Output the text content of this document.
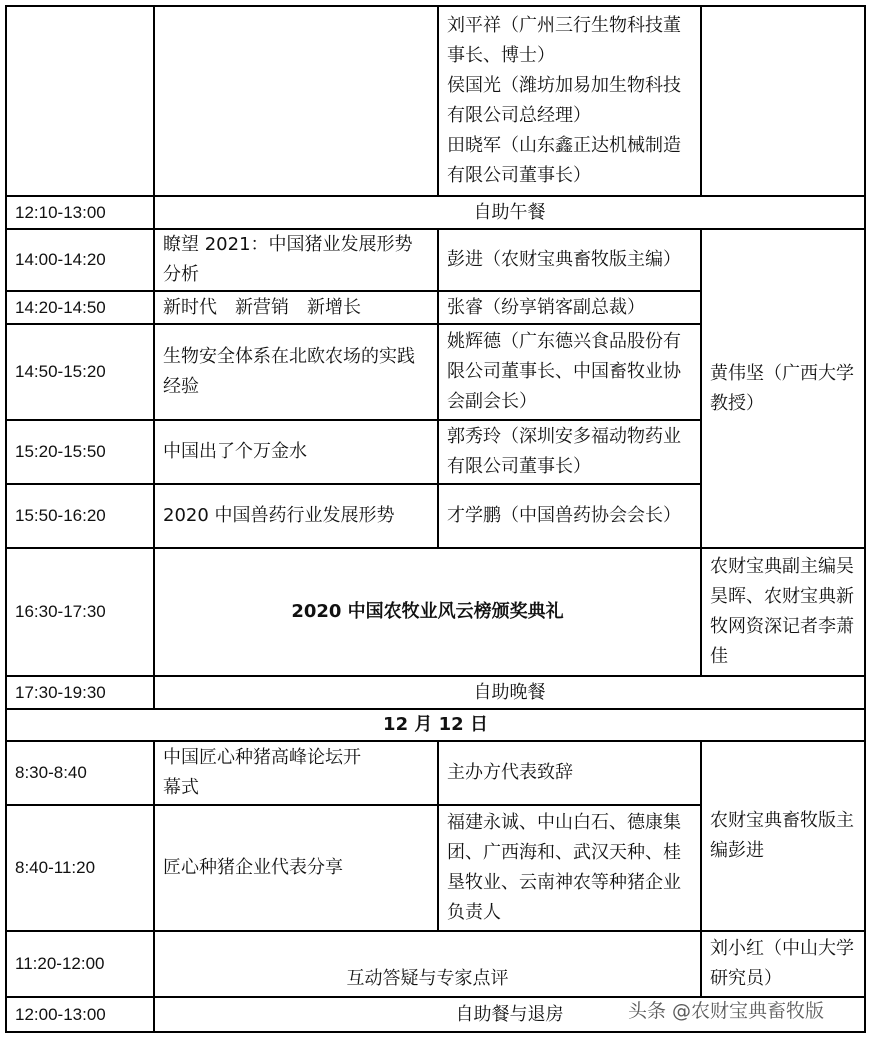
		刘平祥（广州三行生物科技董事长、博士）
侯国光（潍坊加易加生物科技有限公司总经理）
田晓军（山东鑫正达机械制造有限公司董事长）	
12:10-13:00	自助午餐		
14:00-14:20	瞭望 2021：中国猪业发展形势分析	彭进（农财宝典畜牧版主编）	黄伟坚（广西大学教授）
14:20-14:50	新时代　新营销　新增长	张睿（纷享销客副总裁）	
14:50-15:20	生物安全体系在北欧农场的实践经验	姚辉德（广东德兴食品股份有限公司董事长、中国畜牧业协会副会长）	
15:20-15:50	中国出了个万金水	郭秀玲（深圳安多福动物药业有限公司董事长）	
15:50-16:20	2020 中国兽药行业发展形势	才学鹏（中国兽药协会会长）	
16:30-17:30	2020 中国农牧业风云榜颁奖典礼		农财宝典副主编吴昊晖、农财宝典新牧网资深记者李萧佳
17:30-19:30	自助晚餐		
12 月 12 日			
8:30-8:40	中国匠心种猪高峰论坛开幕式	主办方代表致辞	农财宝典畜牧版主编彭进
8:40-11:20	匠心种猪企业代表分享	福建永诚、中山白石、德康集团、广西海和、武汉天种、桂垦牧业、云南神农等种猪企业负责人	
11:20-12:00	互动答疑与专家点评		刘小红（中山大学研究员）
12:00-13:00	自助餐与退房			头条 @农财宝典畜牧版
